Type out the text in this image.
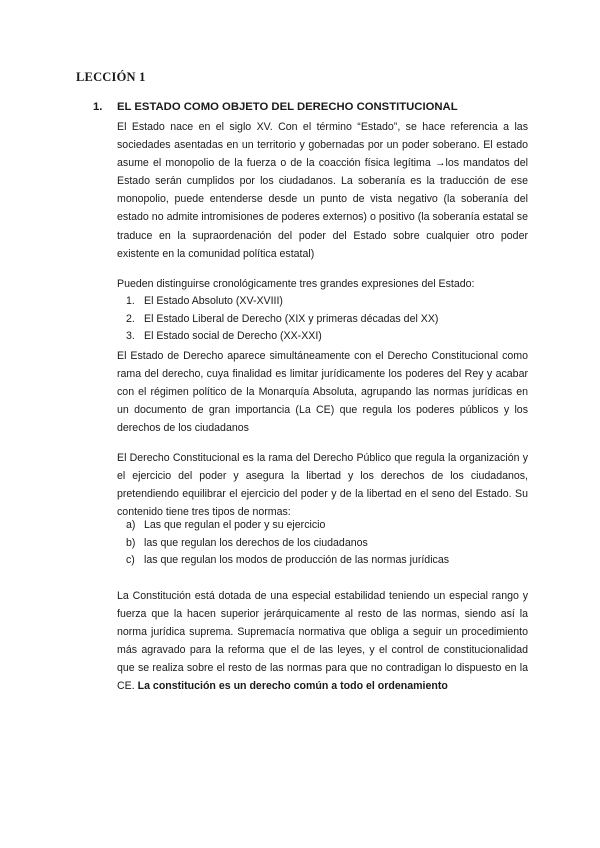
LECCIÓN 1
1. EL ESTADO COMO OBJETO DEL DERECHO CONSTITUCIONAL
El Estado nace en el siglo XV. Con el término “Estado”, se hace referencia a las sociedades asentadas en un territorio y gobernadas por un poder soberano. El estado asume el monopolio de la fuerza o de la coacción física legítima →los mandatos del Estado serán cumplidos por los ciudadanos. La soberanía es la traducción de ese monopolio, puede entenderse desde un punto de vista negativo (la soberanía del estado no admite intromisiones de poderes externos) o positivo (la soberanía estatal se traduce en la supraordenación del poder del Estado sobre cualquier otro poder existente en la comunidad política estatal)
Pueden distinguirse cronológicamente tres grandes expresiones del Estado:
1. El Estado Absoluto (XV-XVIII)
2. El Estado Liberal de Derecho (XIX y primeras décadas del XX)
3. El Estado social de Derecho (XX-XXI)
El Estado de Derecho aparece simultáneamente con el Derecho Constitucional como rama del derecho, cuya finalidad es limitar jurídicamente los poderes del Rey y acabar con el régimen político de la Monarquía Absoluta, agrupando las normas jurídicas en un documento de gran importancia (La CE) que regula los poderes públicos y los derechos de los ciudadanos
El Derecho Constitucional es la rama del Derecho Público que regula la organización y el ejercicio del poder y asegura la libertad y los derechos de los ciudadanos, pretendiendo equilibrar el ejercicio del poder y de la libertad en el seno del Estado. Su contenido tiene tres tipos de normas:
a) Las que regulan el poder y su ejercicio
b) las que regulan los derechos de los ciudadanos
c) las que regulan los modos de producción de las normas jurídicas
La Constitución está dotada de una especial estabilidad teniendo un especial rango y fuerza que la hacen superior jerárquicamente al resto de las normas, siendo así la norma jurídica suprema. Supremacía normativa que obliga a seguir un procedimiento más agravado para la reforma que el de las leyes, y el control de constitucionalidad que se realiza sobre el resto de las normas para que no contradigan lo dispuesto en la CE. La constitución es un derecho común a todo el ordenamiento
